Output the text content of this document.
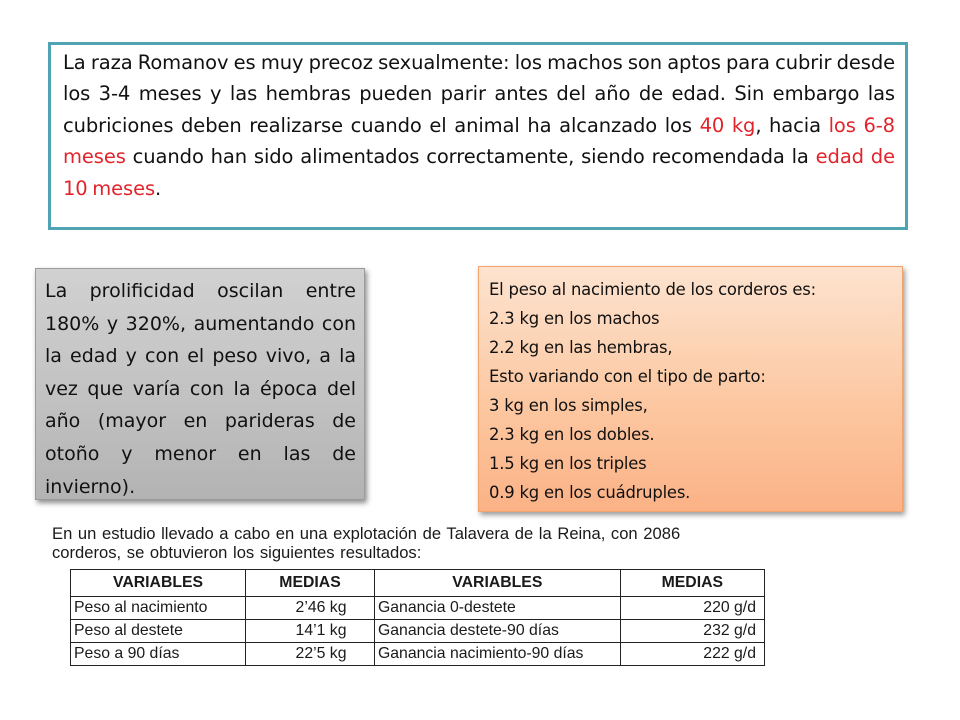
La raza Romanov es muy precoz sexualmente: los machos son aptos para cubrir desde los 3-4 meses y las hembras pueden parir antes del año de edad. Sin embargo las cubriciones deben realizarse cuando el animal ha alcanzado los 40 kg, hacia los 6-8 meses cuando han sido alimentados correctamente, siendo recomendada la edad de 10 meses.
La prolificidad oscilan entre 180% y 320%, aumentando con la edad y con el peso vivo, a la vez que varía con la época del año (mayor en parideras de otoño y menor en las de invierno).
El peso al nacimiento de los corderos es:
2.3 kg en los machos
2.2 kg en las hembras,
Esto variando con el tipo de parto:
3 kg en los simples,
2.3 kg en los dobles.
1.5 kg en los triples
0.9 kg en los cuádruples.
En un estudio llevado a cabo en una explotación de Talavera de la Reina, con 2086
corderos, se obtuvieron los siguientes resultados:
VARIABLES	MEDIAS	VARIABLES	MEDIAS
Peso al nacimiento	2’46 kg	Ganancia 0-destete	220 g/d
Peso al destete	14’1 kg	Ganancia destete-90 días	232 g/d
Peso a 90 días	22’5 kg	Ganancia nacimiento-90 días	222 g/d
